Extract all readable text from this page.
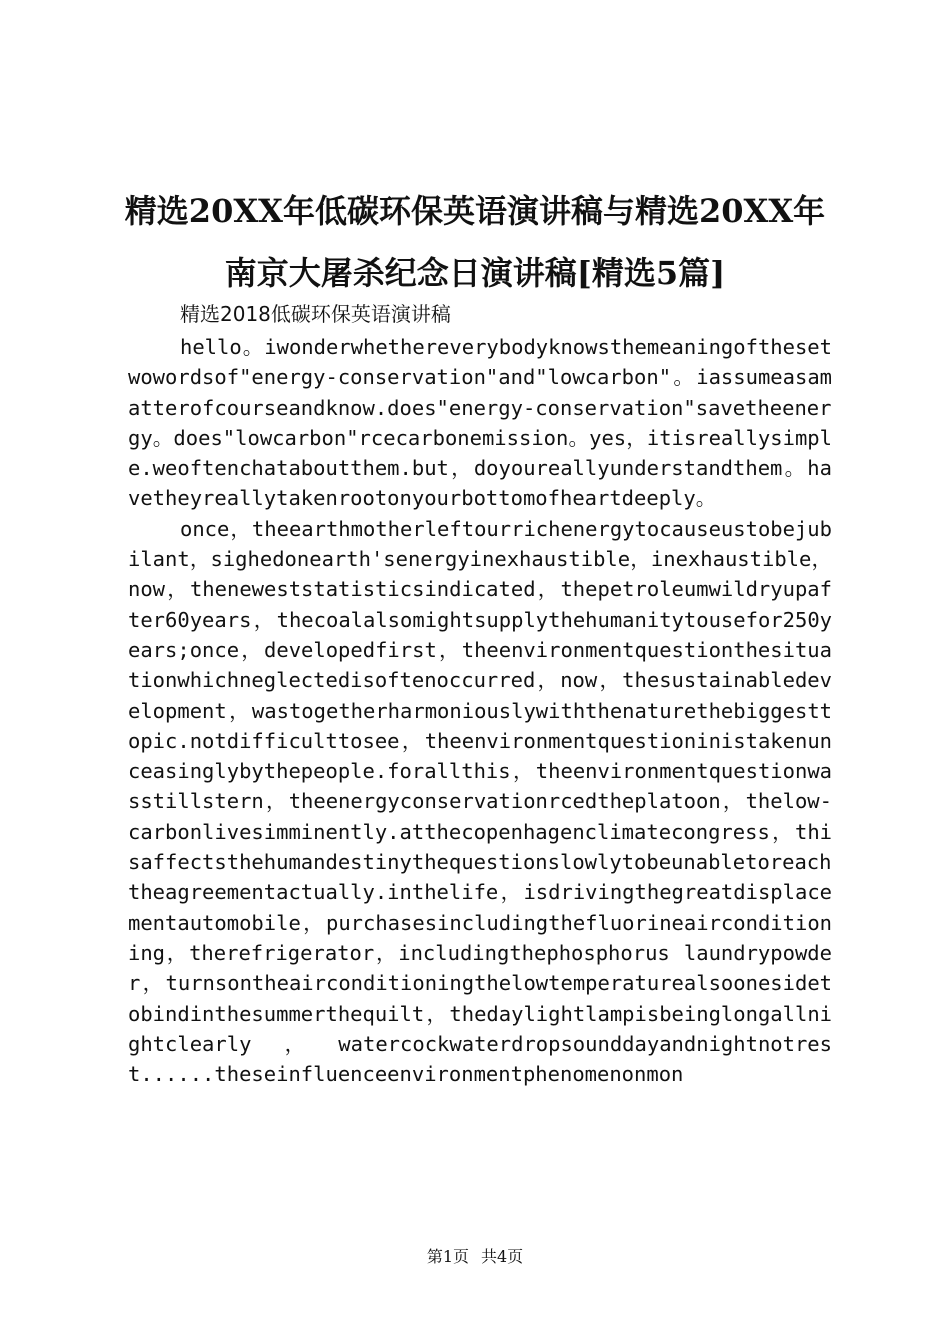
精选20XX年低碳环保英语演讲稿与精选20XX年南京大屠杀纪念日演讲稿[精选5篇]
精选2018低碳环保英语演讲稿

hello。iwonderwhethereverybodyknowsthemeaningofthesetwowordsof"energy-conservation"and"lowcarbon"。iassumeasamatterofcourseandknow.does"energy-conservation"savetheenergy。does"lowcarbon"rcecarbonemission。yes，itisreallysimple.weoftenchataboutthem.but，doyoureallyunderstandthem。havetheyreallytakenrootonyourbottomofheartdeeply。

once，theearthmotherleftourrichenergytocauseustobejubilant，sighedonearth'senergyinexhaustible，inexhaustible，now，thenewestst​atisticsindicated，thepetroleumwildryupafter60years，thecoalalsomightsupplythehumanitytousefor250years;once，developedfirst，theenvironmentquestionthesituationwhichneglectedisoftenoccurred，now，thesustainabledevelopment，wastogetherharmoniouslywiththenaturethebiggesttopic.notdifficulttosee，theenvironmentquestioninistakenunceasinglybythepeople.forallthis，theenvironmentquestionwasstillstern，theenergyconservationrcedtheplatoon，thelow-carbonlivesimminently.atthecopenhagenclimatecongress，thisaffectsthehumandestinythequestionslowlytobeunabletoreachtheagreementactually.inthelife，isdrivingthegreatdisplacementautomobile，purchasesincludingthefluorineairconditioning，therefrigerator，includingthephosphorus laundrypowder，turnsontheairconditioningthelowtemperaturealsoonesidetobindinthesummerthequilt，thedaylightlampisbeinglongallnightclearly，watercockwaterdropsounddayandnightnotrest......theseinfluenceenvironmentphenomenonmon

第1页 共4页
